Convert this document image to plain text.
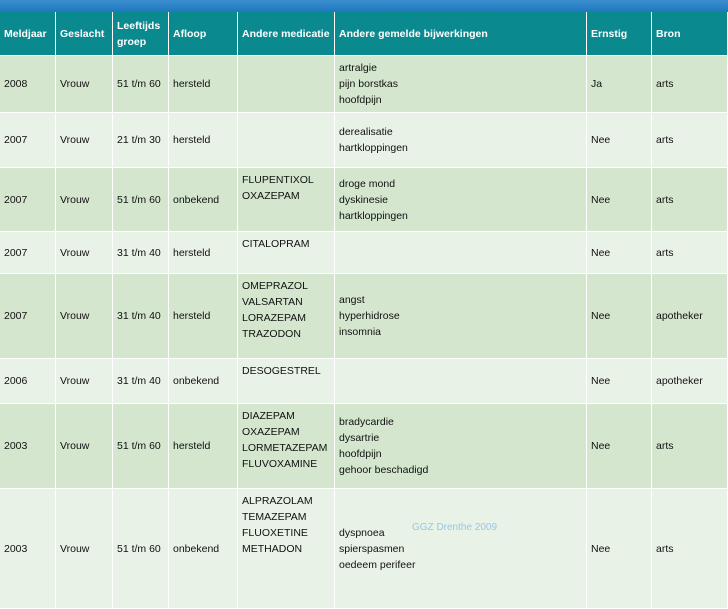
Meldjaar	Geslacht	Leeftijdsgroep	Afloop	Andere medicatie	Andere gemelde bijwerkingen	Ernstig	Bron
2008	Vrouw	51 t/m 60	hersteld		artralgie
pijn borstkas
hoofdpijn	Ja	arts
2007	Vrouw	21 t/m 30	hersteld		derealisatie
hartkloppingen	Nee	arts
2007	Vrouw	51 t/m 60	onbekend	FLUPENTIXOL
OXAZEPAM	droge mond
dyskinesie
hartkloppingen	Nee	arts
2007	Vrouw	31 t/m 40	hersteld	CITALOPRAM		Nee	arts
2007	Vrouw	31 t/m 40	hersteld	OMEPRAZOL
VALSARTAN
LORAZEPAM
TRAZODON	angst
hyperhidrose
insomnia	Nee	apotheker
2006	Vrouw	31 t/m 40	onbekend	DESOGESTREL		Nee	apotheker
2003	Vrouw	51 t/m 60	hersteld	DIAZEPAM
OXAZEPAM
LORMETAZEPAM
FLUVOXAMINE	bradycardie
dysartrie
hoofdpijn
gehoor beschadigd	Nee	arts
2003	Vrouw	51 t/m 60	onbekend	ALPRAZOLAM
TEMAZEPAM
FLUOXETINE
METHADON	dyspnoea
spierspasmen
oedeem perifeer	Nee	arts
GGZ Drenthe 2009
